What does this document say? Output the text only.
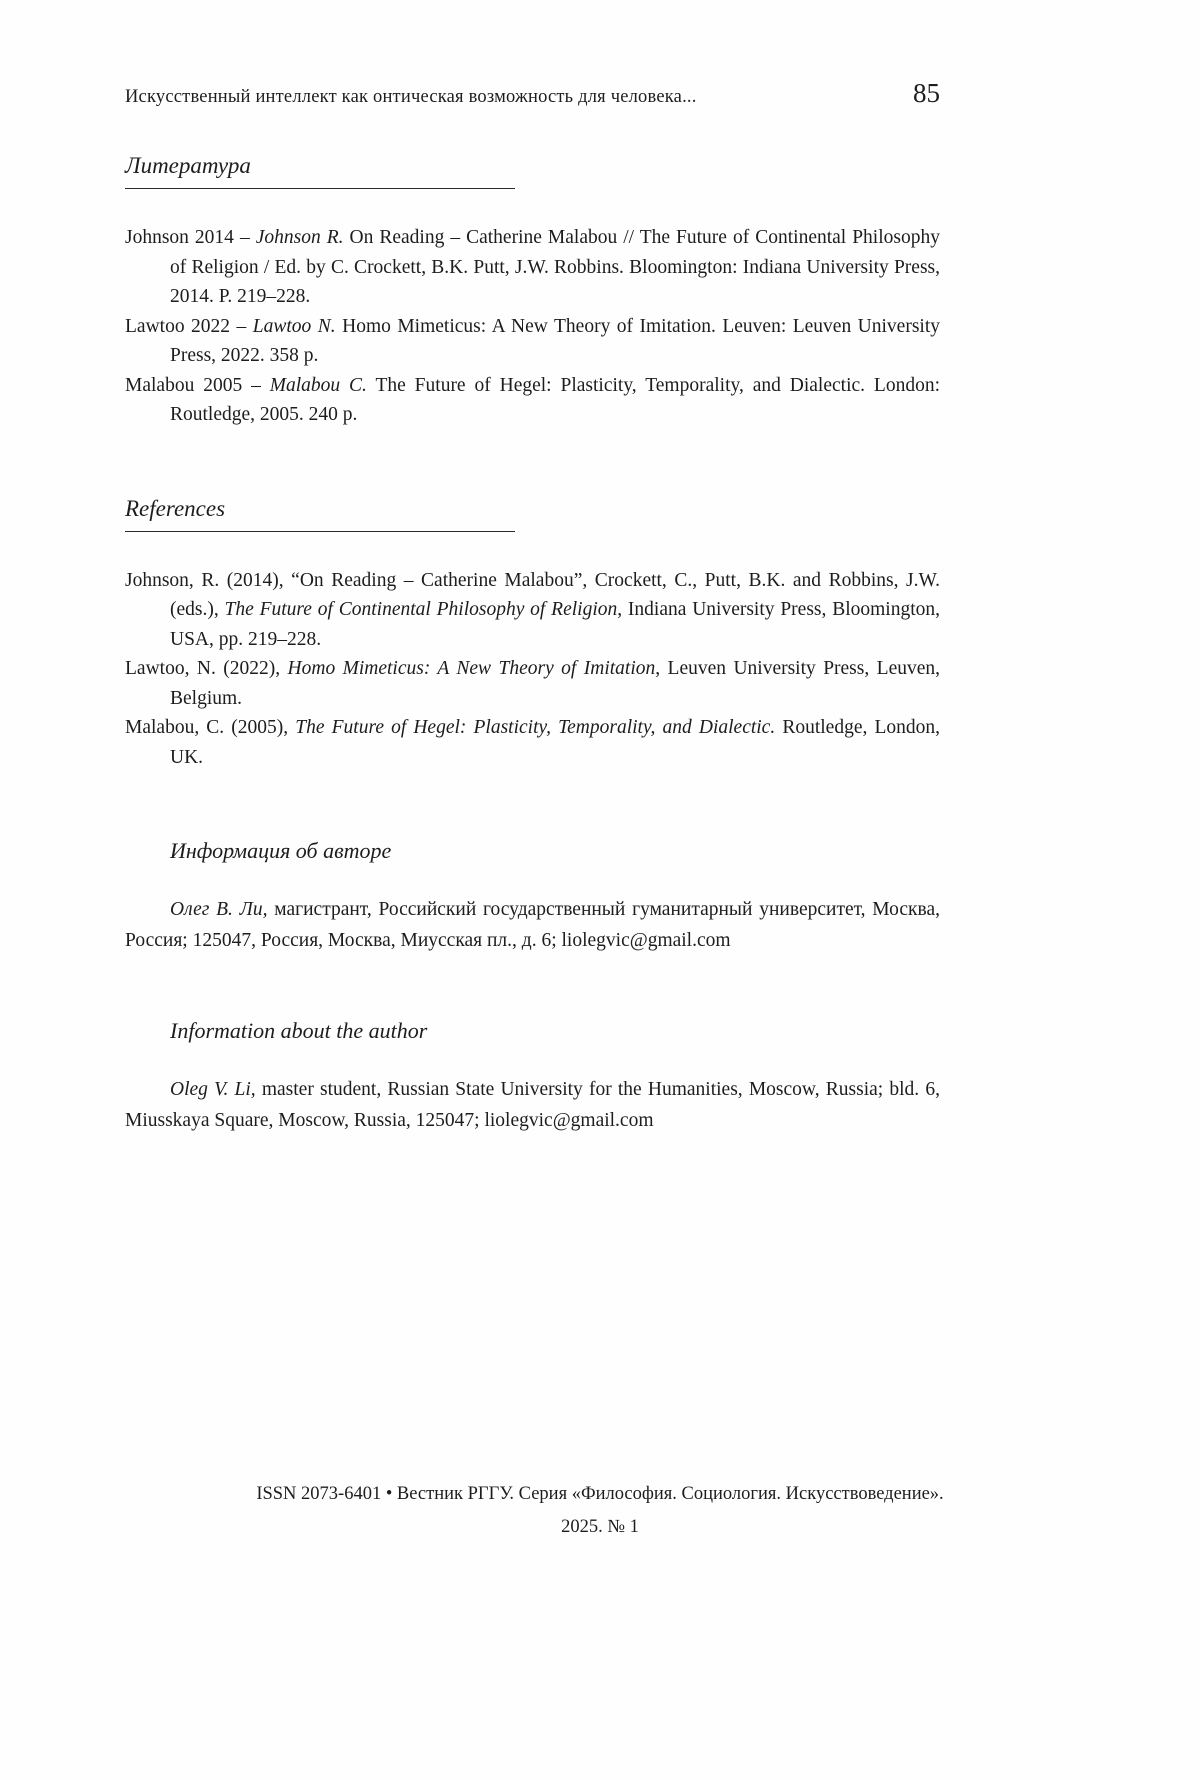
Искусственный интеллект как онтическая возможность для человека...	85
Литература

Johnson 2014 – Johnson R. On Reading – Catherine Malabou // The Future of Continental Philosophy of Religion / Ed. by C. Crockett, B.K. Putt, J.W. Robbins. Bloomington: Indiana University Press, 2014. P. 219–228.

Lawtoo 2022 – Lawtoo N. Homo Mimeticus: A New Theory of Imitation. Leuven: Leuven University Press, 2022. 358 p.

Malabou 2005 – Malabou C. The Future of Hegel: Plasticity, Temporality, and Dialectic. London: Routledge, 2005. 240 p.

References

Johnson, R. (2014), “On Reading – Catherine Malabou”, Crockett, C., Putt, B.K. and Robbins, J.W. (eds.), The Future of Continental Philosophy of Religion, Indiana University Press, Bloomington, USA, pp. 219–228.

Lawtoo, N. (2022), Homo Mimeticus: A New Theory of Imitation, Leuven University Press, Leuven, Belgium.

Malabou, C. (2005), The Future of Hegel: Plasticity, Temporality, and Dialectic. Routledge, London, UK.

Информация об авторе

Олег В. Ли, магистрант, Российский государственный гуманитарный университет, Москва, Россия; 125047, Россия, Москва, Миусская пл., д. 6; liolegvic@gmail.com

Information about the author

Oleg V. Li, master student, Russian State University for the Humanities, Moscow, Russia; bld. 6, Miusskaya Square, Moscow, Russia, 125047; liolegvic@gmail.com

ISSN 2073-6401 • Вестник РГГУ. Серия «Философия. Социология. Искусствоведение».
2025. № 1
